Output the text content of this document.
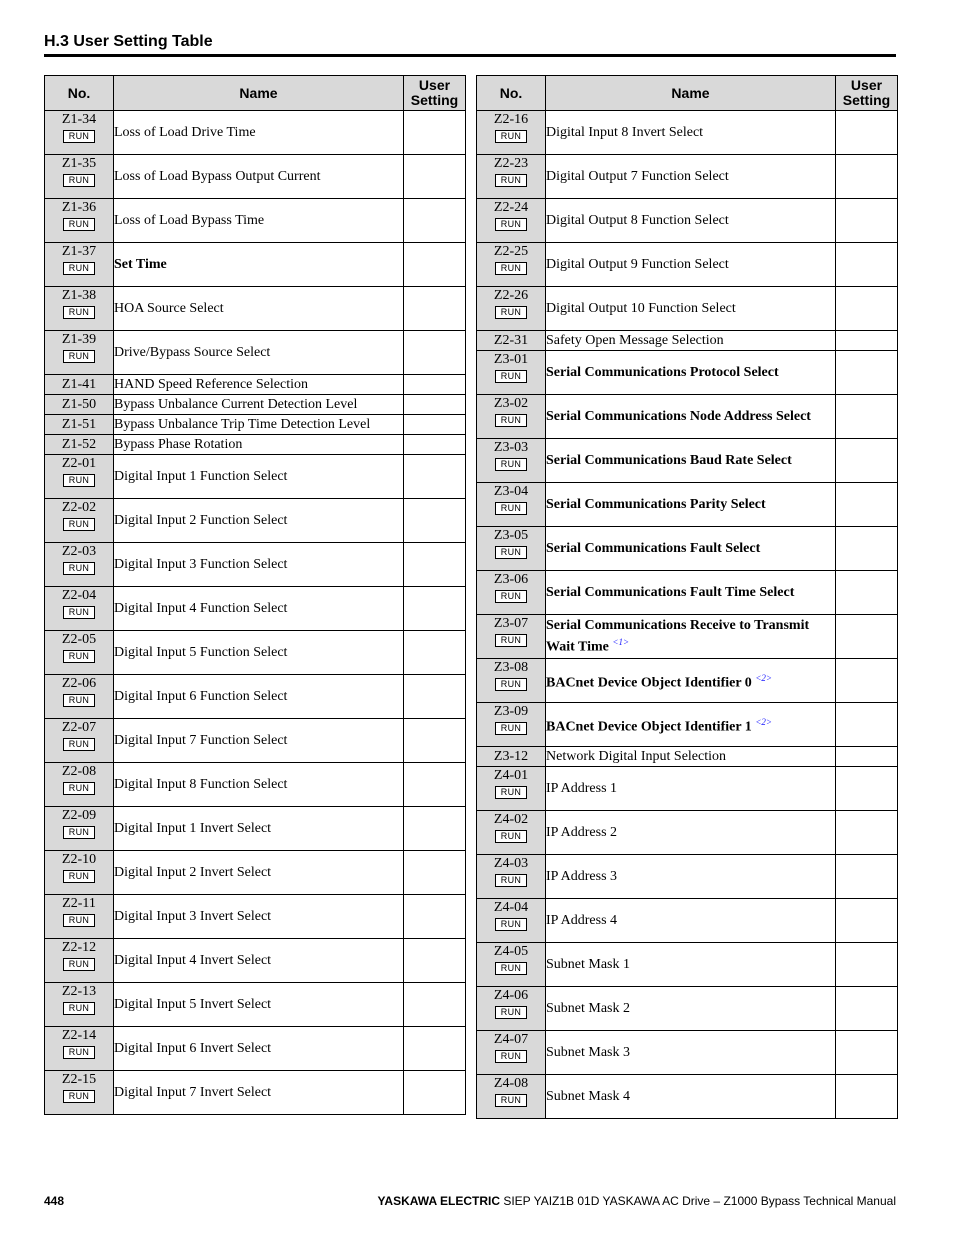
H.3 User Setting Table
No.	Name	User
Setting

Z1-34
RUN	Loss of Load Drive Time	

Z1-35
RUN	Loss of Load Bypass Output Current	

Z1-36
RUN	Loss of Load Bypass Time	

Z1-37
RUN	Set Time	

Z1-38
RUN	HOA Source Select	

Z1-39
RUN	Drive/Bypass Source Select	

Z1-41	HAND Speed Reference Selection	

Z1-50	Bypass Unbalance Current Detection Level	

Z1-51	Bypass Unbalance Trip Time Detection Level	

Z1-52	Bypass Phase Rotation	

Z2-01
RUN	Digital Input 1 Function Select	

Z2-02
RUN	Digital Input 2 Function Select	

Z2-03
RUN	Digital Input 3 Function Select	

Z2-04
RUN	Digital Input 4 Function Select	

Z2-05
RUN	Digital Input 5 Function Select	

Z2-06
RUN	Digital Input 6 Function Select	

Z2-07
RUN	Digital Input 7 Function Select	

Z2-08
RUN	Digital Input 8 Function Select	

Z2-09
RUN	Digital Input 1 Invert Select	

Z2-10
RUN	Digital Input 2 Invert Select	

Z2-11
RUN	Digital Input 3 Invert Select	

Z2-12
RUN	Digital Input 4 Invert Select	

Z2-13
RUN	Digital Input 5 Invert Select	

Z2-14
RUN	Digital Input 6 Invert Select	

Z2-15
RUN	Digital Input 7 Invert Select	
No.	Name	User
Setting

Z2-16
RUN	Digital Input 8 Invert Select	

Z2-23
RUN	Digital Output 7 Function Select	

Z2-24
RUN	Digital Output 8 Function Select	

Z2-25
RUN	Digital Output 9 Function Select	

Z2-26
RUN	Digital Output 10 Function Select	

Z2-31	Safety Open Message Selection	

Z3-01
RUN	Serial Communications Protocol Select	

Z3-02
RUN	Serial Communications Node Address Select	

Z3-03
RUN	Serial Communications Baud Rate Select	

Z3-04
RUN	Serial Communications Parity Select	

Z3-05
RUN	Serial Communications Fault Select	

Z3-06
RUN	Serial Communications Fault Time Select	

Z3-07
RUN	Serial Communications Receive to Transmit Wait Time $^{<1>}$	

Z3-08
RUN	BACnet Device Object Identifier 0 $^{<2>}$	

Z3-09
RUN	BACnet Device Object Identifier 1 $^{<2>}$	

Z3-12	Network Digital Input Selection	

Z4-01
RUN	IP Address 1	

Z4-02
RUN	IP Address 2	

Z4-03
RUN	IP Address 3	

Z4-04
RUN	IP Address 4	

Z4-05
RUN	Subnet Mask 1	

Z4-06
RUN	Subnet Mask 2	

Z4-07
RUN	Subnet Mask 3	

Z4-08
RUN	Subnet Mask 4	
448	YASKAWA ELECTRIC SIEP YAIZ1B 01D YASKAWA AC Drive – Z1000 Bypass Technical Manual
